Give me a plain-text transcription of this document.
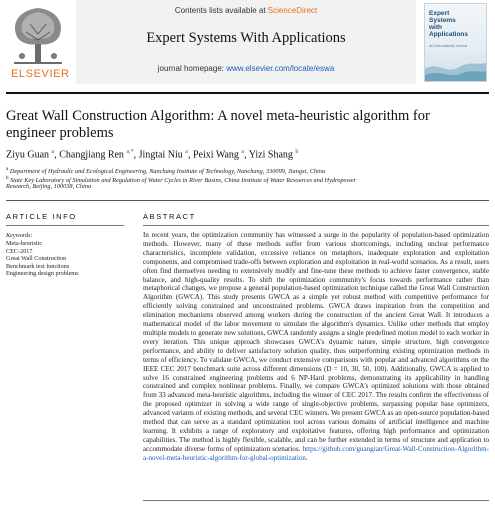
ELSEVIER
Contents lists available at ScienceDirect
Expert Systems With Applications
journal homepage: www.elsevier.com/locate/eswa
Expert
Systems
with
Applications
An International Journal
Great Wall Construction Algorithm: A novel meta-heuristic algorithm for
engineer problems
Ziyu Guan $^a$, Changjiang Ren $^{a,*}$, Jingtai Niu $^a$, Peixi Wang $^a$, Yizi Shang $^b$
$^a$ Department of Hydraulic and Ecological Engineering, Nanchang Institute of Technology, Nanchang, 330099, Jiangxi, China
$^b$ State Key Laboratory of Simulation and Regulation of Water Cycles in River Basins, China Institute of Water Resources and Hydropower
Research, Beijing, 100038, China
ARTICLE INFO
Keywords:
Meta-heuristic
CEC-2017
Great Wall Construction
Benchmark test functions
Engineering design problems
ABSTRACT

In recent years, the optimization community has witnessed a surge in the popularity of population-based optimization methods. However, many of these methods suffer from various shortcomings, including unclear performance characteristics, incomplete validation, excessive reliance on metaphors, inadequate exploration and exploitation components, and compromised trade-offs between exploration and exploitation in real-world scenarios. As a result, users often find themselves needing to extensively modify and fine-tune these methods to achieve faster convergence, stable balance, and high-quality results. To shift the optimization community's focus towards performance rather than metaphorical changes, we propose a general population-based optimization technique called the Great Wall Construction Algorithm (GWCA). This study presents GWCA as a simple yet robust method with competitive performance for efficiently solving constrained and unconstrained problems. GWCA draws inspiration from the competition and elimination mechanisms observed among workers during the construction of the ancient Great Wall. It introduces a mathematical model of the labor movement to simulate the algorithm's dynamics. Unlike other methods that employ multiple models to generate new solutions, GWCA randomly assigns a single predefined motion model to each worker in every iteration. This unique approach showcases GWCA's dynamic nature, simple structure, high convergence performance, and ability to deliver satisfactory solution quality, thus outperforming existing optimization methods in terms of efficiency. To validate GWCA, we conduct extensive comparisons with popular and advanced algorithms on the IEEE CEC 2017 benchmark suite across different dimensions (D = 10, 30, 50, 100). Additionally, GWCA is applied to solve 16 constrained engineering problems and 6 NP-Hard problems, demonstrating its applicability in handling constrained and complex nonlinear problems. Finally, we compare GWCA's optimized solutions with those obtained from 33 advanced meta-heuristic algorithms, including the winner of CEC 2017. The results confirm the effectiveness of the proposed optimizer in solving a wide range of single-objective problems, surpassing popular base optimizers, advanced variants of existing methods, and several CEC winners. We present GWCA as an open-source population-based method that can serve as a standard optimization tool across various domains of artificial intelligence and machine learning. It exhibits a range of exploratory and exploitative features, offering high performance and optimization capabilities. The method is highly flexible, scalable, and can be further extended in terms of structure and application to accommodate diverse forms of optimization scenarios. https://github.com/guangian/Great-Wall-Construction-Algorithm-a-novel-meta-heuristic-algorithm-for-global-optimization.
